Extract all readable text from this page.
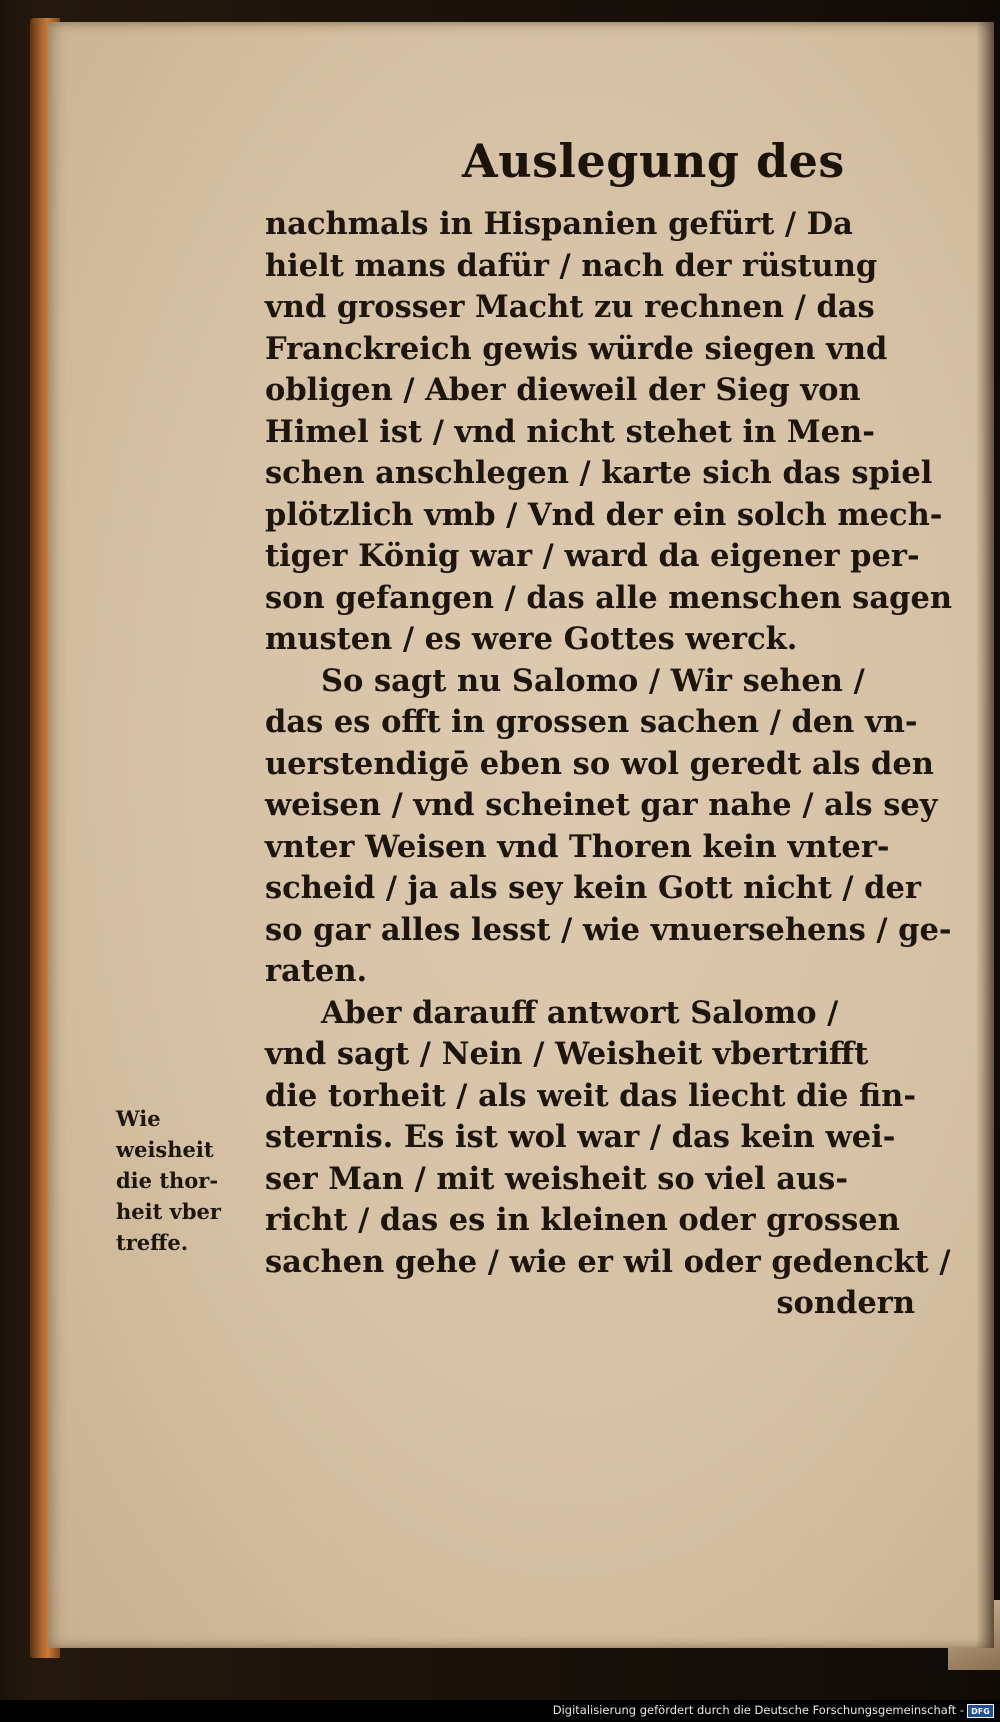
Auslegung des
nachmals in Hispanien gefürt / Da
hielt mans dafür / nach der rüstung
vnd grosser Macht zu rechnen / das
Franckreich gewis würde siegen vnd
obligen / Aber dieweil der Sieg von
Himel ist / vnd nicht stehet in Men-
schen anschlegen / karte sich das spiel
plötzlich vmb / Vnd der ein solch mech-
tiger König war / ward da eigener per-
son gefangen / das alle menschen sagen
musten / es were Gottes werck.
So sagt nu Salomo / Wir sehen /
das es offt in grossen sachen / den vn-
uerstendigē eben so wol geredt als den
weisen / vnd scheinet gar nahe / als sey
vnter Weisen vnd Thoren kein vnter-
scheid / ja als sey kein Gott nicht / der
so gar alles lesst / wie vnuersehens / ge-
raten.
Aber darauff antwort Salomo /
vnd sagt / Nein / Weisheit vbertrifft
die torheit / als weit das liecht die fin-
sternis. Es ist wol war / das kein wei-
ser Man / mit weisheit so viel aus-
richt / das es in kleinen oder grossen
sachen gehe / wie er wil oder gedenckt /
sondern
Wie
weisheit
die thor-
heit vber
treffe.
Digitalisierung gefördert durch die Deutsche Forschungsgemeinschaft - DFG
